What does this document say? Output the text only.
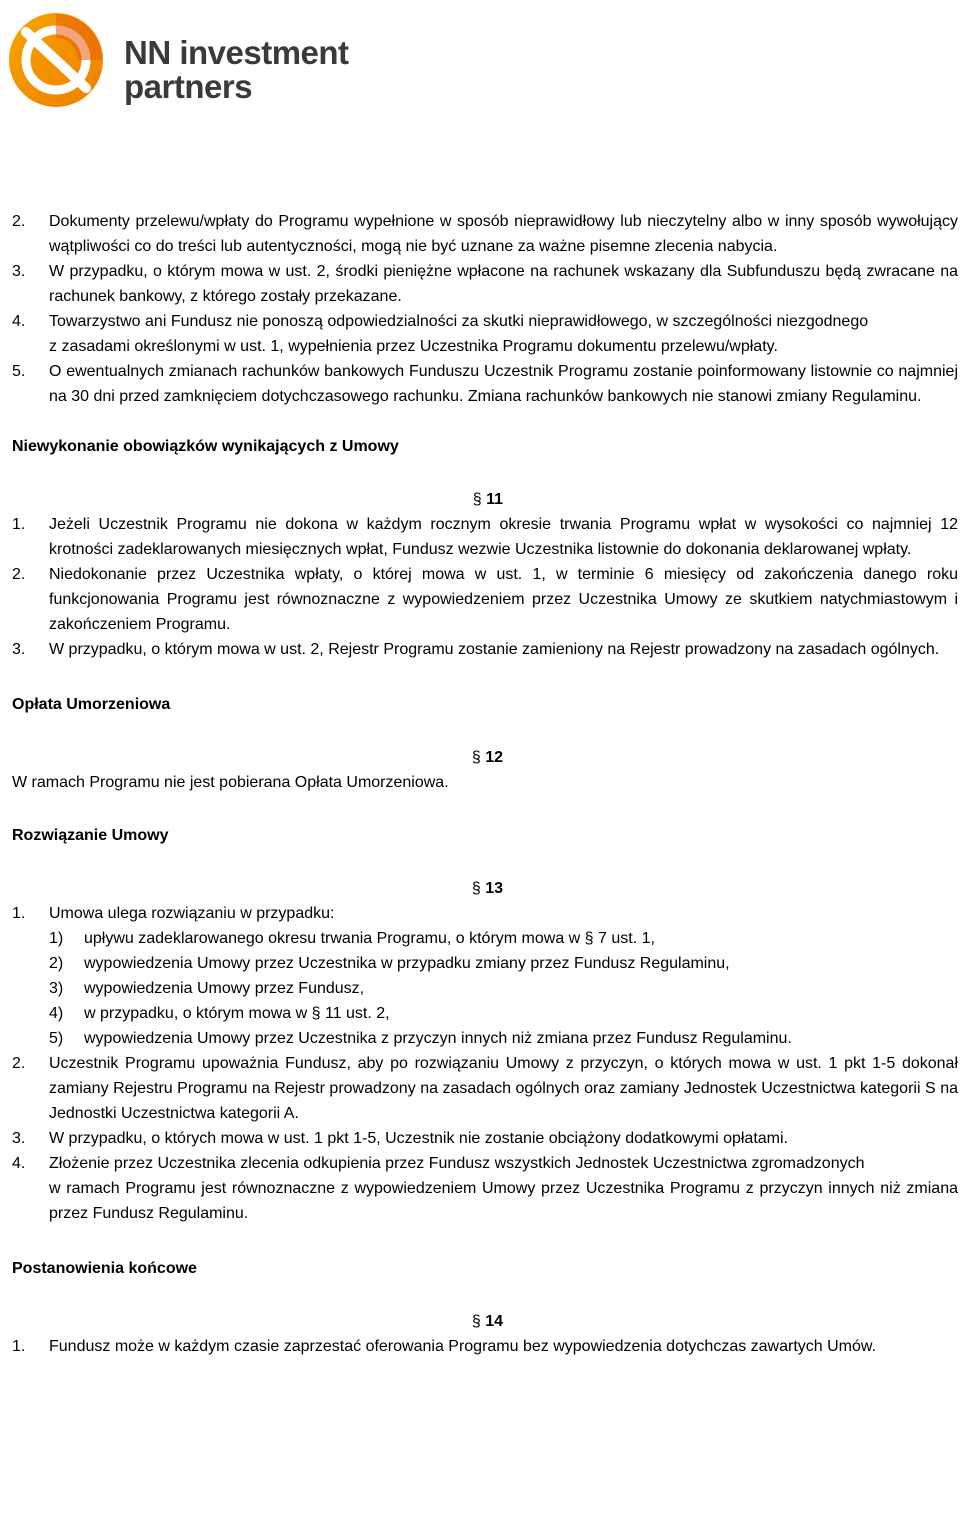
NN investment
partners
2.	Dokumenty przelewu/wpłaty do Programu wypełnione w sposób nieprawidłowy lub nieczytelny albo w inny sposób wywołujący wątpliwości co do treści lub autentyczności, mogą nie być uznane za ważne pisemne zlecenia nabycia.
3.	W przypadku, o którym mowa w ust. 2, środki pieniężne wpłacone na rachunek wskazany dla Subfunduszu będą zwracane na rachunek bankowy, z którego zostały przekazane.
4.	Towarzystwo ani Fundusz nie ponoszą odpowiedzialności za skutki nieprawidłowego, w szczególności niezgodnego

z zasadami określonymi w ust. 1, wypełnienia przez Uczestnika Programu dokumentu przelewu/wpłaty.

5.	O ewentualnych zmianach rachunków bankowych Funduszu Uczestnik Programu zostanie poinformowany listownie co najmniej na 30 dni przed zamknięciem dotychczasowego rachunku. Zmiana rachunków bankowych nie stanowi zmiany Regulaminu.
Niewykonanie obowiązków wynikających z Umowy
§ 11
1.	Jeżeli Uczestnik Programu nie dokona w każdym rocznym okresie trwania Programu wpłat w wysokości co najmniej 12 krotności zadeklarowanych miesięcznych wpłat, Fundusz wezwie Uczestnika listownie do dokonania deklarowanej wpłaty.
2.	Niedokonanie przez Uczestnika wpłaty, o której mowa w ust. 1, w terminie 6 miesięcy od zakończenia danego roku funkcjonowania Programu jest równoznaczne z wypowiedzeniem przez Uczestnika Umowy ze skutkiem natychmiastowym i zakończeniem Programu.
3.	W przypadku, o którym mowa w ust. 2, Rejestr Programu zostanie zamieniony na Rejestr prowadzony na zasadach ogólnych.
Opłata Umorzeniowa
§ 12
W ramach Programu nie jest pobierana Opłata Umorzeniowa.
Rozwiązanie Umowy
§ 13
1.	Umowa ulega rozwiązaniu w przypadku:
1)	upływu zadeklarowanego okresu trwania Programu, o którym mowa w § 7 ust. 1,
2)	wypowiedzenia Umowy przez Uczestnika w przypadku zmiany przez Fundusz Regulaminu,
3)	wypowiedzenia Umowy przez Fundusz,
4)	w przypadku, o którym mowa w § 11 ust. 2,
5)	wypowiedzenia Umowy przez Uczestnika z przyczyn innych niż zmiana przez Fundusz Regulaminu.
2.	Uczestnik Programu upoważnia Fundusz, aby po rozwiązaniu Umowy z przyczyn, o których mowa w ust. 1 pkt 1-5 dokonał zamiany Rejestru Programu na Rejestr prowadzony na zasadach ogólnych oraz zamiany Jednostek Uczestnictwa kategorii S na Jednostki Uczestnictwa kategorii A.
3.	W przypadku, o których mowa w ust. 1 pkt 1-5, Uczestnik nie zostanie obciążony dodatkowymi opłatami.
4.	Złożenie przez Uczestnika zlecenia odkupienia przez Fundusz wszystkich Jednostek Uczestnictwa zgromadzonych

w ramach Programu jest równoznaczne z wypowiedzeniem Umowy przez Uczestnika Programu z przyczyn innych niż zmiana przez Fundusz Regulaminu.

Postanowienia końcowe
§ 14
1.	Fundusz może w każdym czasie zaprzestać oferowania Programu bez wypowiedzenia dotychczas zawartych Umów.
